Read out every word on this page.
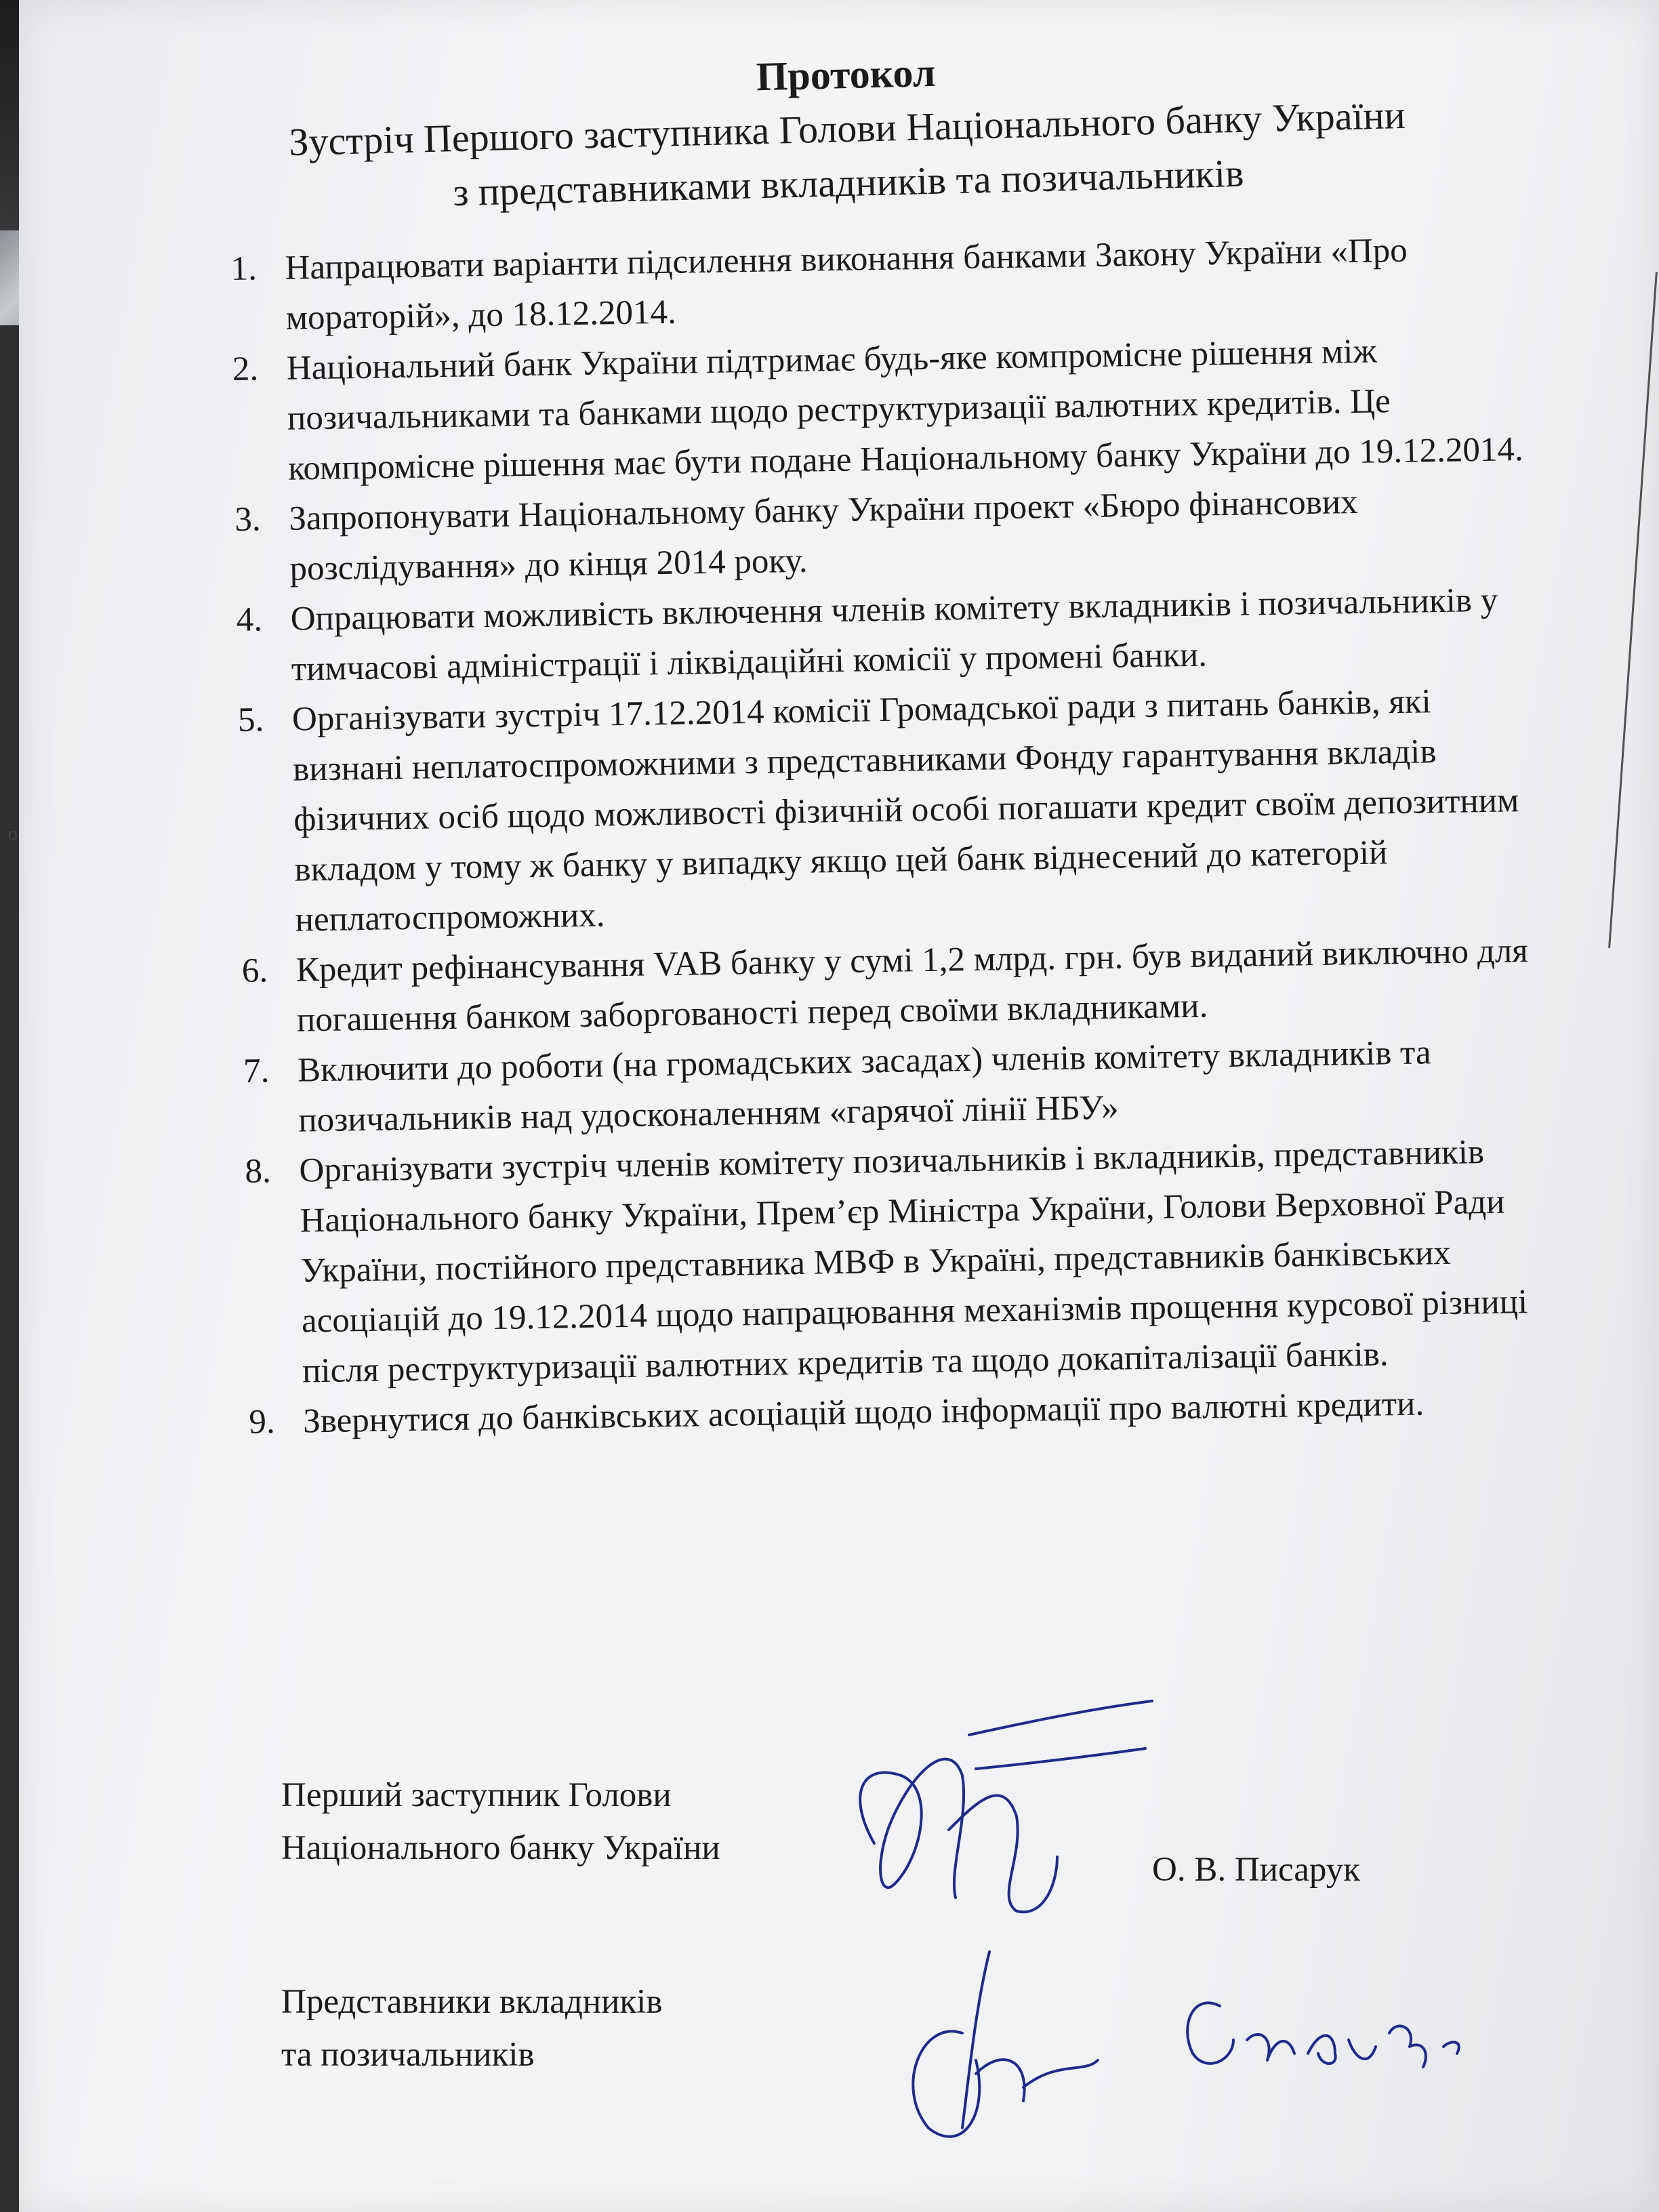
Протокол
Зустріч Першого заступника Голови Національного банку України
з представниками вкладників та позичальників
1. Напрацювати варіанти підсилення виконання банками Закону України «Про мораторій», до 18.12.2014.
2. Національний банк України підтримає будь-яке компромісне рішення між позичальниками та банками щодо реструктуризації валютних кредитів. Це компромісне рішення має бути подане Національному банку України до 19.12.2014.
3. Запропонувати Національному банку України проект «Бюро фінансових розслідування» до кінця 2014 року.
4. Опрацювати можливість включення членів комітету вкладників і позичальників у тимчасові адміністрації і ліквідаційні комісії у промені банки.
5. Організувати зустріч 17.12.2014 комісії Громадської ради з питань банків, які визнані неплатоспроможними з представниками Фонду гарантування вкладів фізичних осіб щодо можливості фізичній особі погашати кредит своїм депозитним вкладом у тому ж банку у випадку якщо цей банк віднесений до категорій неплатоспроможних.
6. Кредит рефінансування VAB банку у сумі 1,2 млрд. грн. був виданий виключно для погашення банком заборгованості перед своїми вкладниками.
7. Включити до роботи (на громадських засадах) членів комітету вкладників та позичальників над удосконаленням «гарячої лінії НБУ»
8. Організувати зустріч членів комітету позичальників і вкладників, представників Національного банку України, Прем’єр Міністра України, Голови Верховної Ради України, постійного представника МВФ в Україні, представників банківських асоціацій до 19.12.2014 щодо напрацювання механізмів прощення курсової різниці після реструктуризації валютних кредитів та щодо докапіталізації банків.
9. Звернутися до банківських асоціацій щодо інформації про валютні кредити.
Перший заступник Голови
Національного банку України
О. В. Писарук
Представники вкладників
та позичальників
o
